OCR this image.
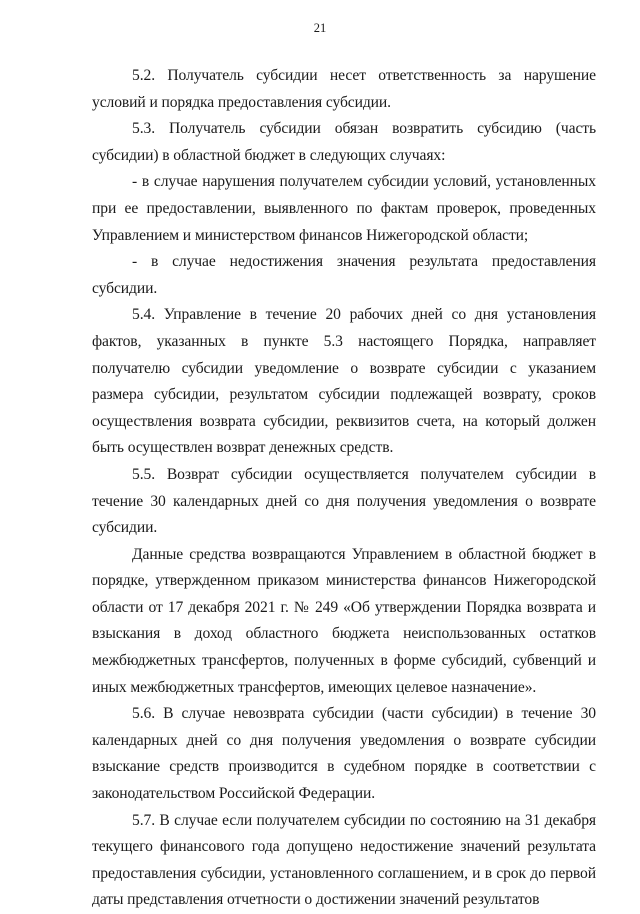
21

5.2. Получатель субсидии несет ответственность за нарушение условий и порядка предоставления субсидии.

5.3. Получатель субсидии обязан возвратить субсидию (часть субсидии) в областной бюджет в следующих случаях:

- в случае нарушения получателем субсидии условий, установленных при ее предоставлении, выявленного по фактам проверок, проведенных Управлением и министерством финансов Нижегородской области;

- в случае недостижения значения результата предоставления субсидии.

5.4. Управление в течение 20 рабочих дней со дня установления фактов, указанных в пункте 5.3 настоящего Порядка, направляет получателю субсидии уведомление о возврате субсидии с указанием размера субсидии, результатом субсидии подлежащей возврату, сроков осуществления возврата субсидии, реквизитов счета, на который должен быть осуществлен возврат денежных средств.

5.5. Возврат субсидии осуществляется получателем субсидии в течение 30 календарных дней со дня получения уведомления о возврате субсидии.

Данные средства возвращаются Управлением в областной бюджет в порядке, утвержденном приказом министерства финансов Нижегородской области от 17 декабря 2021 г. № 249 «Об утверждении Порядка возврата и взыскания в доход областного бюджета неиспользованных остатков межбюджетных трансфертов, полученных в форме субсидий, субвенций и иных межбюджетных трансфертов, имеющих целевое назначение».

5.6. В случае невозврата субсидии (части субсидии) в течение 30 календарных дней со дня получения уведомления о возврате субсидии взыскание средств производится в судебном порядке в соответствии с законодательством Российской Федерации.

5.7. В случае если получателем субсидии по состоянию на 31 декабря текущего финансового года допущено недостижение значений результата предоставления субсидии, установленного соглашением, и в срок до первой даты представления отчетности о достижении значений результатов
